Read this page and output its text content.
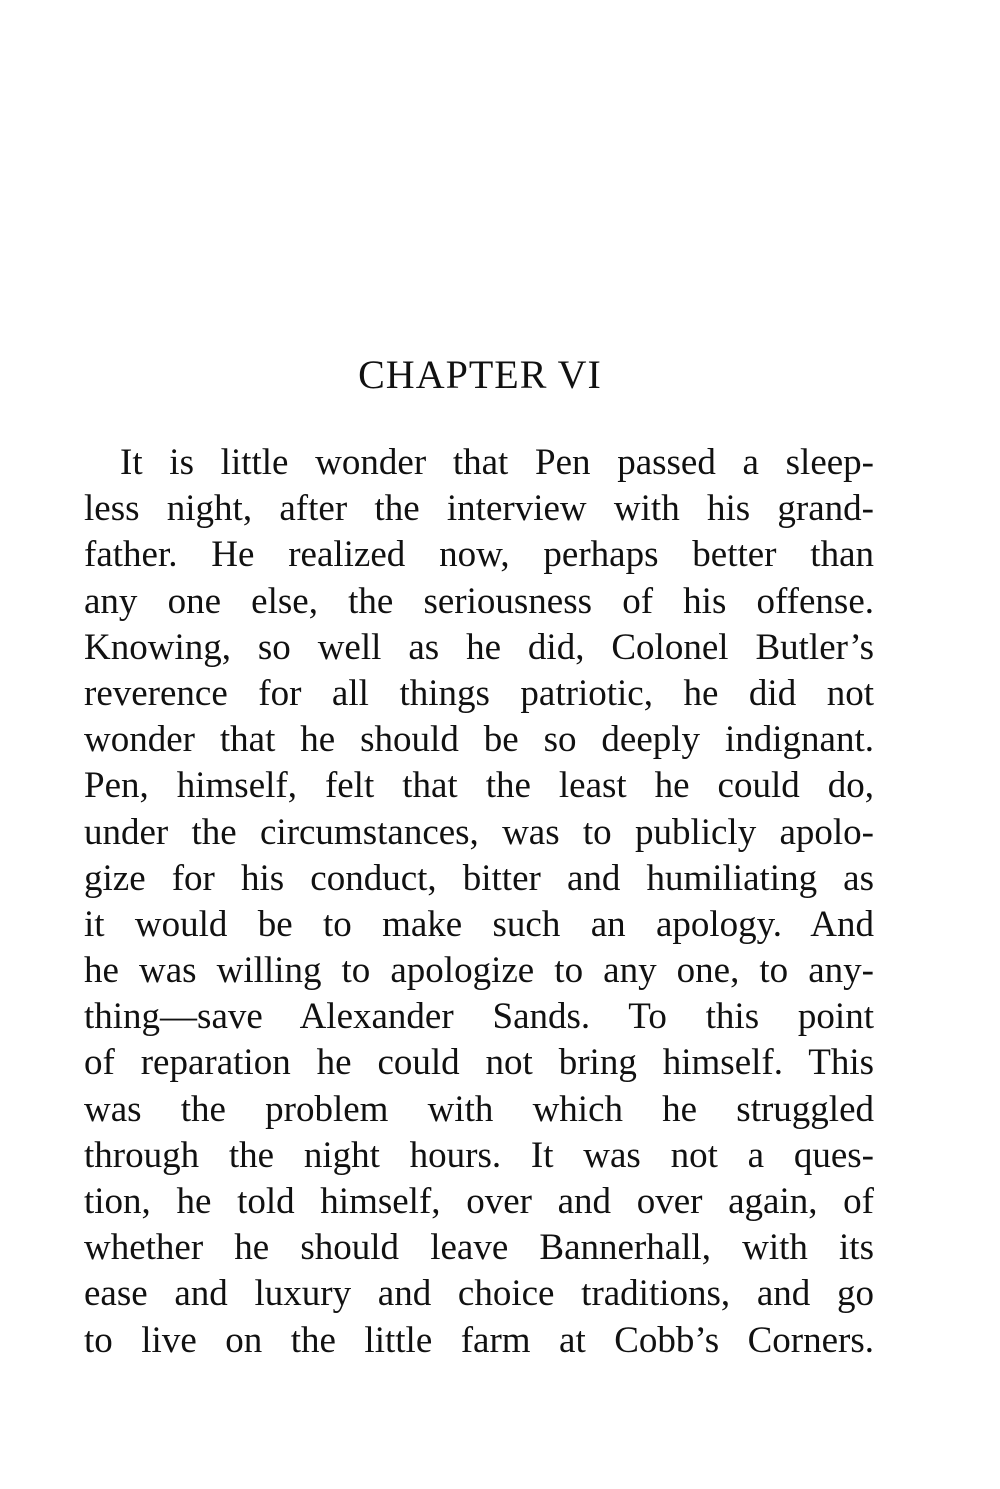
CHAPTER VI
It is little wonder that Pen passed a sleep-
less night, after the interview with his grand-
father. He realized now, perhaps better than
any one else, the seriousness of his offense.
Knowing, so well as he did, Colonel Butler’s
reverence for all things patriotic, he did not
wonder that he should be so deeply indignant.
Pen, himself, felt that the least he could do,
under the circumstances, was to publicly apolo-
gize for his conduct, bitter and humiliating as
it would be to make such an apology. And
he was willing to apologize to any one, to any-
thing—save Alexander Sands. To this point
of reparation he could not bring himself. This
was the problem with which he struggled
through the night hours. It was not a ques-
tion, he told himself, over and over again, of
whether he should leave Bannerhall, with its
ease and luxury and choice traditions, and go
to live on the little farm at Cobb’s Corners.
